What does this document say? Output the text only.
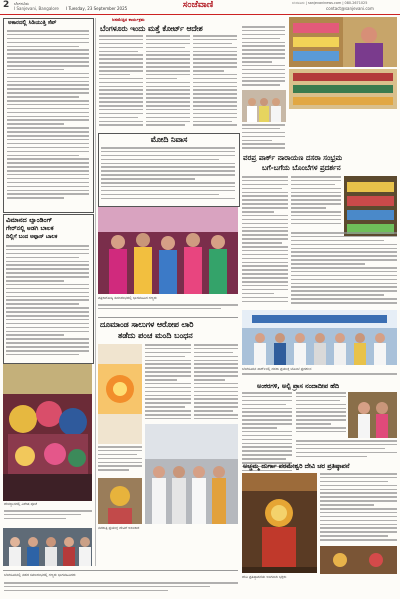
2 ಬೆಂಗಳೂರು
I Sanjevani, Bangalore I Tuesday, 23 September 2025	ಸಂಜೆವಾಣಿ	ಬೆಂಗಳೂರು | sanjevaninews.com | 080-2671025
contact@sanjevani.com
ಅಕಾರದಲ್ಲಿ ಸಿಡಿಯುತ್ತಿ ಸೆಪ್
ವಿಮಾನದ ಲ್ಯಾಂಡಿಂಗ್
ಗೇರ್‌ನಲ್ಲಿ ಅಡಗಿ ಬಾಲಕ
ದಿಲ್ಲಿಗೆ ಬಂದ ಅಫ್ಗಾನ್ ಬಾಲಕ
ದೇವಸ್ಥಾನದಲ್ಲಿ ವಿಶೇಷ ಪೂಜೆ
ಜನಮೆಚ್ಚಿದ ಕಾರ್ಯಕ್ರಮ
ಬೆಂಗಳೂರು ಇಂದು ಮತ್ತೆ ಕೋರ್ಟ್ ಆದೇಶ
ಮೋದಿ ನಿವಾಸ
ವರಪ್ರ ಪಾರ್ಕ್ ನಾರಾಯಣ ದಸರಾ ಸಂಭ್ರಮ
ಬಗೆ-ಬಗೆಯ ಬೊಂಬೆಗಳ ಪ್ರದರ್ಶನ
ಪತ್ರಿಕಾಗೋಷ್ಠಿ ಸಮಾರಂಭದಲ್ಲಿ ಭಾಗವಹಿಸಿದ ಗಣ್ಯರು
ದೂಮಾಂಡ ಸಾಲುಗಳ ಆರೋಪ ಲಾರಿ
ತಡೆದು ಪಂಚ ಮಂದಿ ಬಂಧನ
ನವರಾತ್ರಿ ಪ್ರಯುಕ್ತ ದೇವಿಗೆ ಅಲಂಕಾರ
ಬೆಂಗಳೂರಿನ ಪಾರ್ಕ್‌ನಲ್ಲಿ ದಸರಾ ಪ್ರಯುಕ್ತ ಬೊಂಬೆ ಪ್ರದರ್ಶನ
ಅಂಕರಗಳಿ, ಅಲ್ಪಿ ಪ್ರಾಸ ನಂದಾದೀಪ ಹೆದಿ
ಅಚ್ಚಮ್ಮ ದುರ್ಗಾ ಪರಮೇಶ್ವರಿ ದೇವಿ ಚರ ಪ್ರತಿಷ್ಠಾಪನೆ
ದೇವಿ ಪ್ರತಿಷ್ಠಾಪನೆಯ ಅಂಗವಾಗಿ ಭಕ್ತರು
ಬೆಂಗಳೂರಿನಲ್ಲಿ ನಡೆದ ಸಮಾರಂಭದಲ್ಲಿ ಗಣ್ಯರು ಭಾಗವಹಿಸಿದರು
